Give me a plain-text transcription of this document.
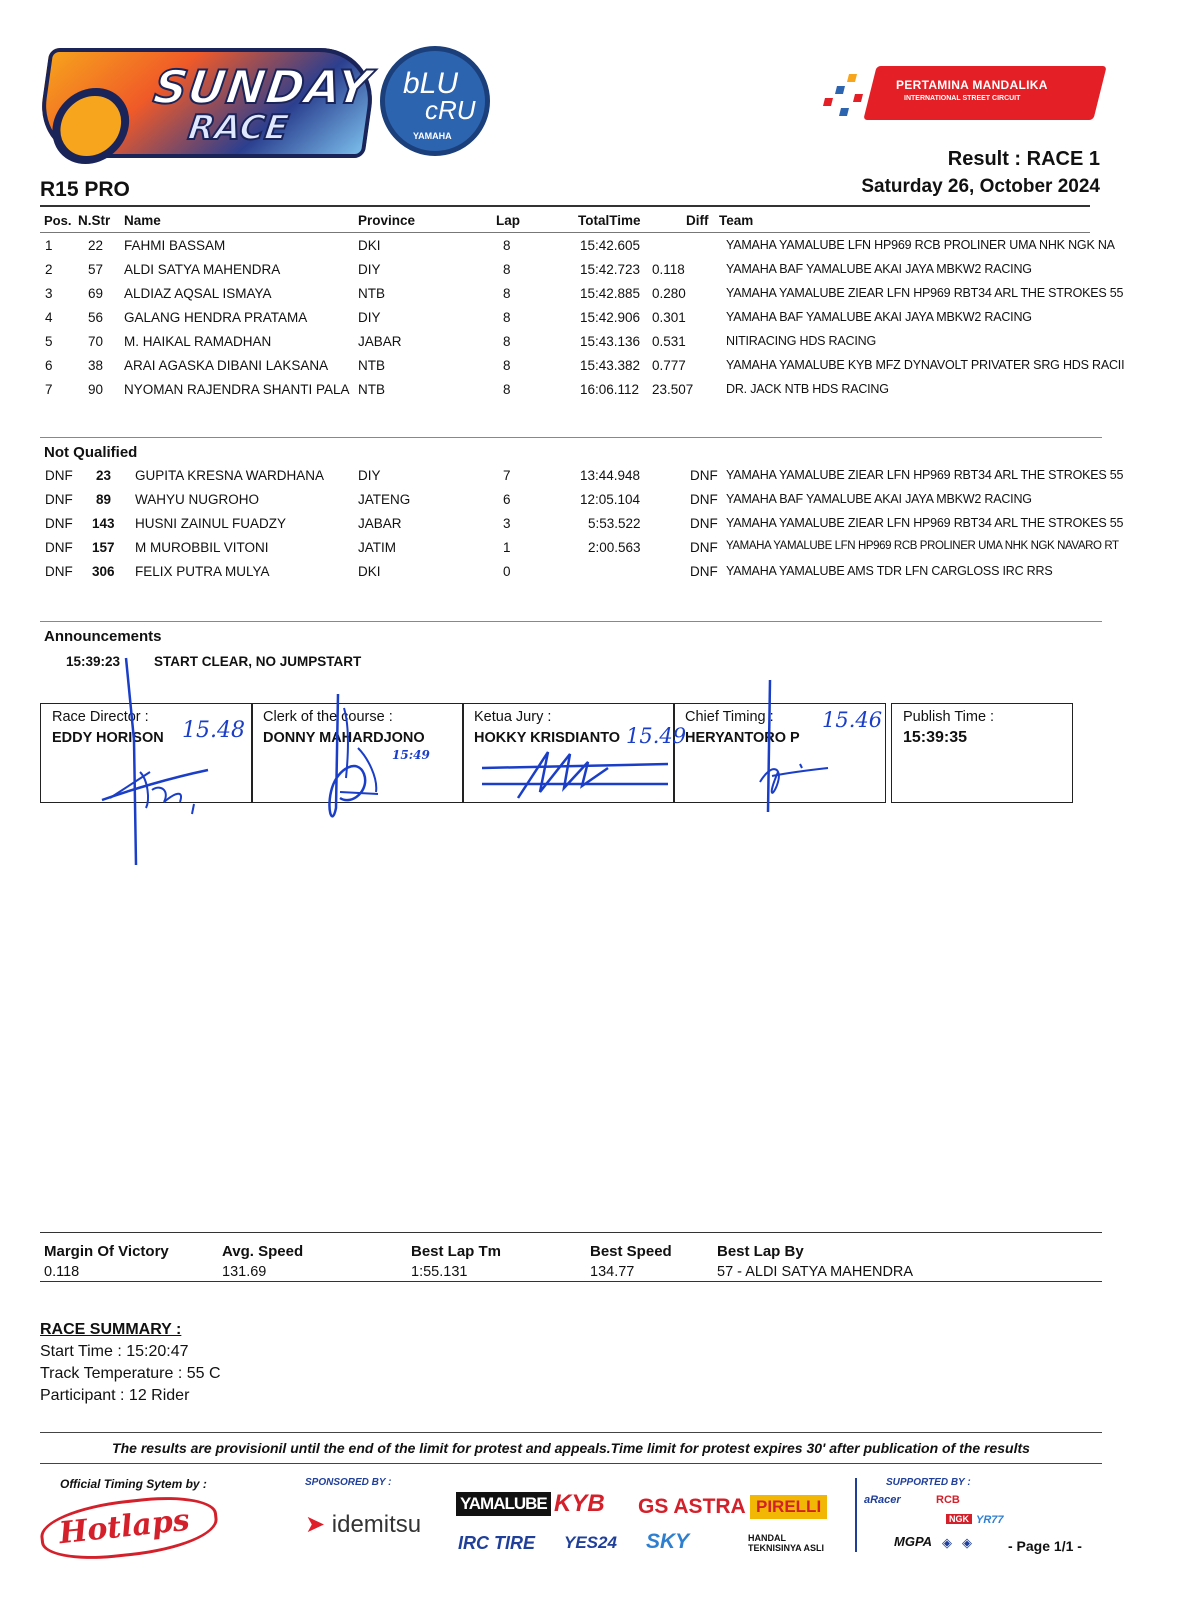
SUNDAY
RACE
bLU
cRU
YAMAHA
PERTAMINA MANDALIKA
INTERNATIONAL STREET CIRCUIT
Result : RACE 1
Saturday 26, October 2024
R15 PRO
Pos. N.Str Name	Province	Lap	TotalTime	Diff Team
1	22 FAHMI BASSAM	DKI	8	15:42.605	YAMAHA YAMALUBE LFN HP969 RCB PROLINER UMA NHK NGK NA
2	57 ALDI SATYA MAHENDRA	DIY	8	15:42.723 0.118	YAMAHA BAF YAMALUBE AKAI JAYA MBKW2 RACING
3	69 ALDIAZ AQSAL ISMAYA	NTB	8	15:42.885 0.280	YAMAHA YAMALUBE ZIEAR LFN HP969 RBT34 ARL THE STROKES 55
4	56 GALANG HENDRA PRATAMA	DIY	8	15:42.906 0.301	YAMAHA BAF YAMALUBE AKAI JAYA MBKW2 RACING
5	70 M. HAIKAL RAMADHAN	JABAR	8	15:43.136 0.531	NITIRACING HDS RACING
6	38 ARAI AGASKA DIBANI LAKSANA NTB	8	15:43.382 0.777	YAMAHA YAMALUBE KYB MFZ DYNAVOLT PRIVATER SRG HDS RACII
7	90 NYOMAN RAJENDRA SHANTI PALA NTB	8	16:06.112 23.507	DR. JACK NTB HDS RACING
Not Qualified
DNF 23 GUPITA KRESNA WARDHANA	DIY	7	13:44.948	DNF YAMAHA YAMALUBE ZIEAR LFN HP969 RBT34 ARL THE STROKES 55
DNF 89 WAHYU NUGROHO	JATENG	6	12:05.104	DNF YAMAHA BAF YAMALUBE AKAI JAYA MBKW2 RACING
DNF 143 HUSNI ZAINUL FUADZY	JABAR	3	5:53.522	DNF YAMAHA YAMALUBE ZIEAR LFN HP969 RBT34 ARL THE STROKES 55
DNF 157 M MUROBBIL VITONI	JATIM	1	2:00.563	DNF YAMAHA YAMALUBE LFN HP969 RCB PROLINER UMA NHK NGK NAVARO RT
DNF 306 FELIX PUTRA MULYA	DKI	0	DNF YAMAHA YAMALUBE AMS TDR LFN CARGLOSS IRC RRS
Announcements
15:39:23	START CLEAR, NO JUMPSTART
Race Director :
EDDY HORISON
Clerk of the course :
DONNY MAHARDJONO
Ketua Jury :
HOKKY KRISDIANTO
Chief Timing :
HERYANTORO P
Publish Time :
15:39:35
15.48
15:49
15.49
15.46
Margin Of Victory
0.118
Avg. Speed
131.69
Best Lap Tm
1:55.131
Best Speed
134.77
Best Lap By
57 - ALDI SATYA MAHENDRA
RACE SUMMARY :
Start Time : 15:20:47
Track Temperature : 55 C
Participant : 12 Rider
The results are provisionil until the end of the limit for protest and appeals.Time limit for protest expires 30' after publication of the results
Official Timing Sytem by :
Hotlaps
SPONSORED BY :
➤ idemitsu
YAMALUBE KYB GS ASTRA PIRELLI
IRC TIRE YES24 SKY	HANDAL TEKNISINYA ASLI
SUPPORTED BY :
aRacer	RCB
NGK YR77
MGPA ◈ ◈	- Page 1/1 -
